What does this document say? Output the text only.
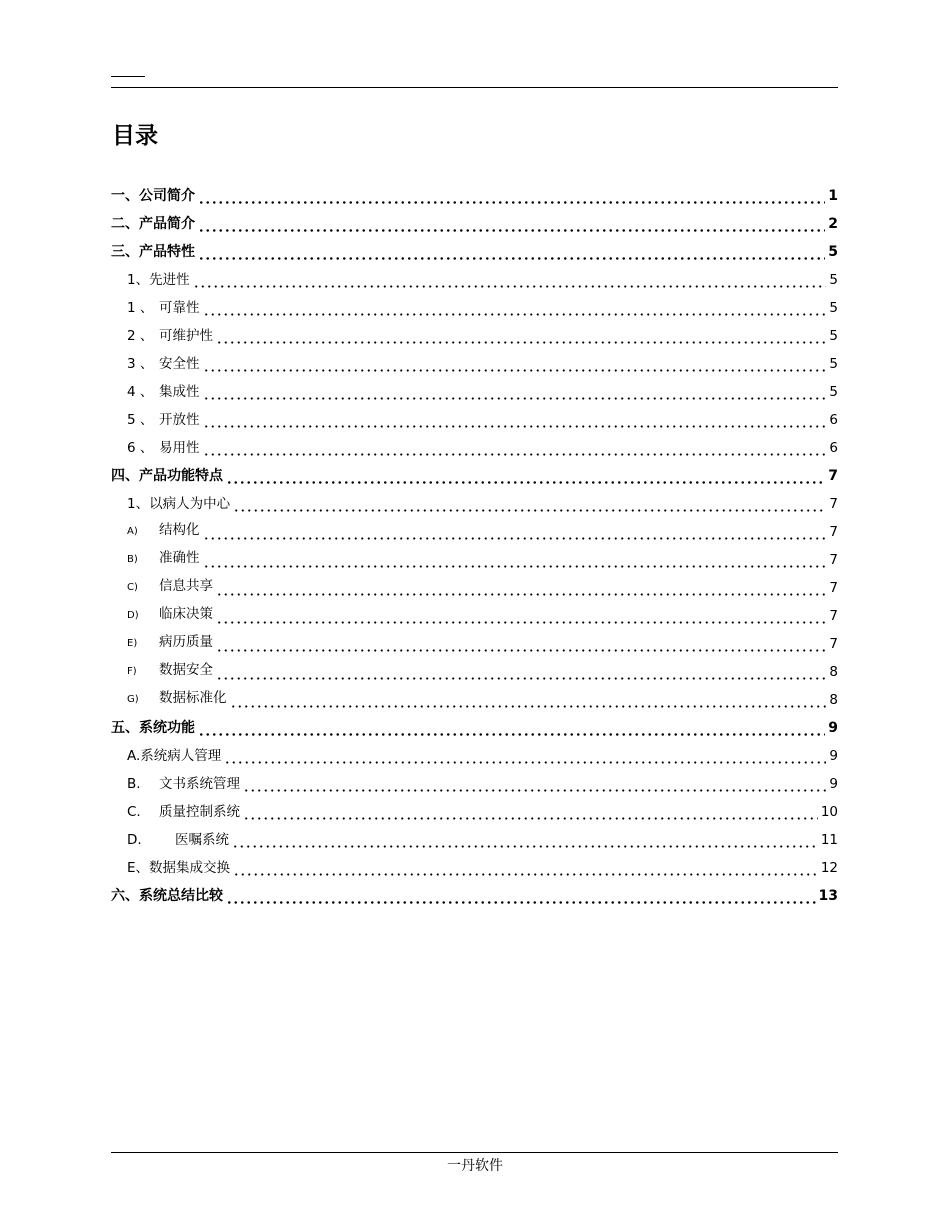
目录
一、公司简介	1
二、产品简介	2
三、产品特性	5
1、先进性	5
1 、 可靠性	5
2 、 可维护性	5
3 、 安全性	5
4 、 集成性	5
5 、 开放性	6
6 、 易用性	6
四、产品功能特点	7
1、以病人为中心	7
A) 结构化	7
B) 准确性	7
C) 信息共享	7
D) 临床决策	7
E) 病历质量	7
F) 数据安全	8
G) 数据标准化	8
五、系统功能	9
A.系统病人管理	9
B. 文书系统管理	9
C. 质量控制系统	10
D. 医嘱系统	11
E、数据集成交换	12
六、系统总结比较	13
一丹软件
